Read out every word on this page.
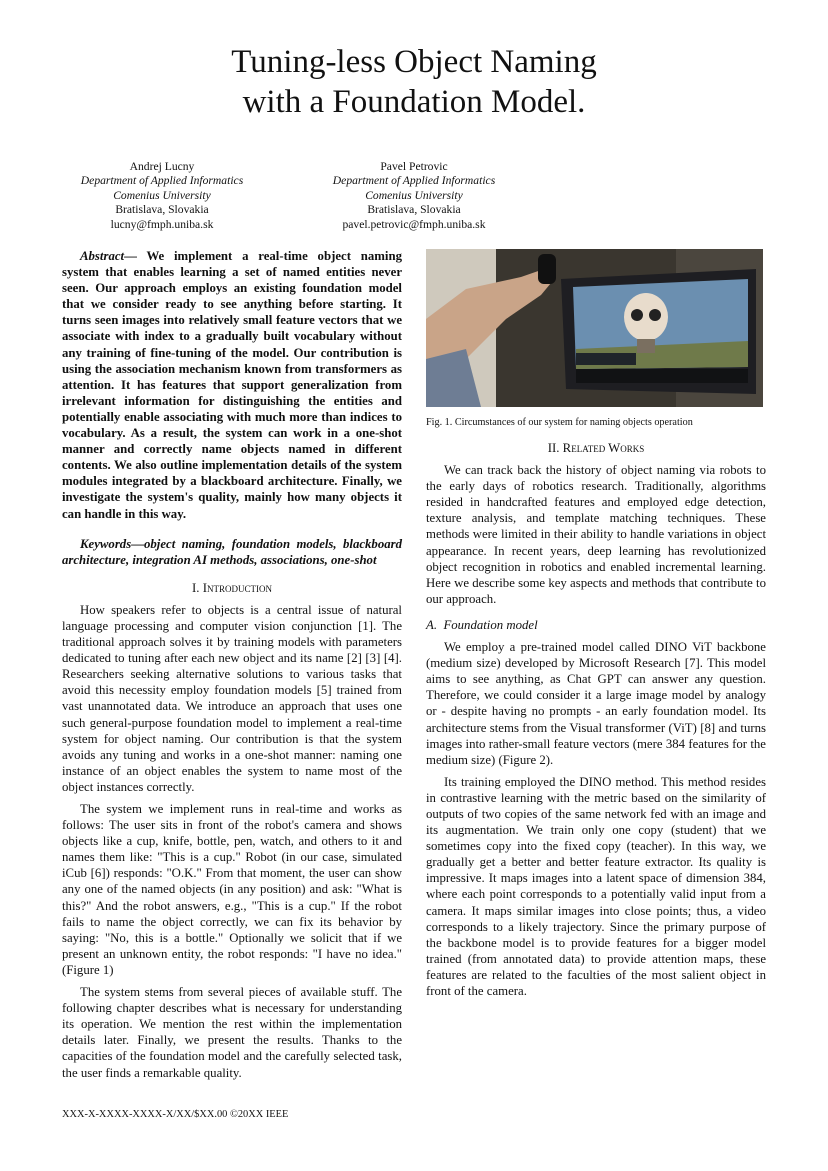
Tuning-less Object Naming
with a Foundation Model.
Andrej Lucny
Department of Applied Informatics
Comenius University
Bratislava, Slovakia
lucny@fmph.uniba.sk
Pavel Petrovic
Department of Applied Informatics
Comenius University
Bratislava, Slovakia
pavel.petrovic@fmph.uniba.sk

Abstract— We implement a real-time object naming system that enables learning a set of named entities never seen. Our approach employs an existing foundation model that we consider ready to see anything before starting. It turns seen images into relatively small feature vectors that we associate with index to a gradually built vocabulary without any training of fine-tuning of the model. Our contribution is using the association mechanism known from transformers as attention. It has features that support generalization from irrelevant information for distinguishing the entities and potentially enable associating with much more than indices to vocabulary. As a result, the system can work in a one-shot manner and correctly name objects named in different contents. We also outline implementation details of the system modules integrated by a blackboard architecture. Finally, we investigate the system's quality, mainly how many objects it can handle in this way.

Keywords—object naming, foundation models, blackboard architecture, integration AI methods, associations, one-shot

I. Introduction

How speakers refer to objects is a central issue of natural language processing and computer vision conjunction [1]. The traditional approach solves it by training models with parameters dedicated to tuning after each new object and its name [2] [3] [4]. Researchers seeking alternative solutions to various tasks that avoid this necessity employ foundation models [5] trained from vast unannotated data. We introduce an approach that uses one such general-purpose foundation model to implement a real-time system for object naming. Our contribution is that the system avoids any tuning and works in a one-shot manner: naming one instance of an object enables the system to name most of the object instances correctly.

The system we implement runs in real-time and works as follows: The user sits in front of the robot's camera and shows objects like a cup, knife, bottle, pen, watch, and others to it and names them like: "This is a cup." Robot (in our case, simulated iCub [6]) responds: "O.K." From that moment, the user can show any one of the named objects (in any position) and ask: "What is this?" And the robot answers, e.g., "This is a cup." If the robot fails to name the object correctly, we can fix its behavior by saying: "No, this is a bottle." Optionally we solicit that if we present an unknown entity, the robot responds: "I have no idea." (Figure 1)

The system stems from several pieces of available stuff. The following chapter describes what is necessary for understanding its operation. We mention the rest within the implementation details later. Finally, we present the results. Thanks to the capacities of the foundation model and the carefully selected task, the user finds a remarkable quality.

Fig. 1. Circumstances of our system for naming objects operation

II. Related Works

We can track back the history of object naming via robots to the early days of robotics research. Traditionally, algorithms resided in handcrafted features and employed edge detection, texture analysis, and template matching techniques. These methods were limited in their ability to handle variations in object appearance. In recent years, deep learning has revolutionized object recognition in robotics and enabled incremental learning. Here we describe some key aspects and methods that contribute to our approach.

A. Foundation model

We employ a pre-trained model called DINO ViT backbone (medium size) developed by Microsoft Research [7]. This model aims to see anything, as Chat GPT can answer any question. Therefore, we could consider it a large image model by analogy or - despite having no prompts - an early foundation model. Its architecture stems from the Visual transformer (ViT) [8] and turns images into rather-small feature vectors (mere 384 features for the medium size) (Figure 2).

Its training employed the DINO method. This method resides in contrastive learning with the metric based on the similarity of outputs of two copies of the same network fed with an image and its augmentation. We train only one copy (student) that we sometimes copy into the fixed copy (teacher). In this way, we gradually get a better and better feature extractor. Its quality is impressive. It maps images into a latent space of dimension 384, where each point corresponds to a potentially valid input from a camera. It maps similar images into close points; thus, a video corresponds to a likely trajectory. Since the primary purpose of the backbone model is to provide features for a bigger model trained (from annotated data) to provide attention maps, these features are related to the faculties of the most salient object in front of the camera.

XXX-X-XXXX-XXXX-X/XX/$XX.00 ©20XX IEEE
